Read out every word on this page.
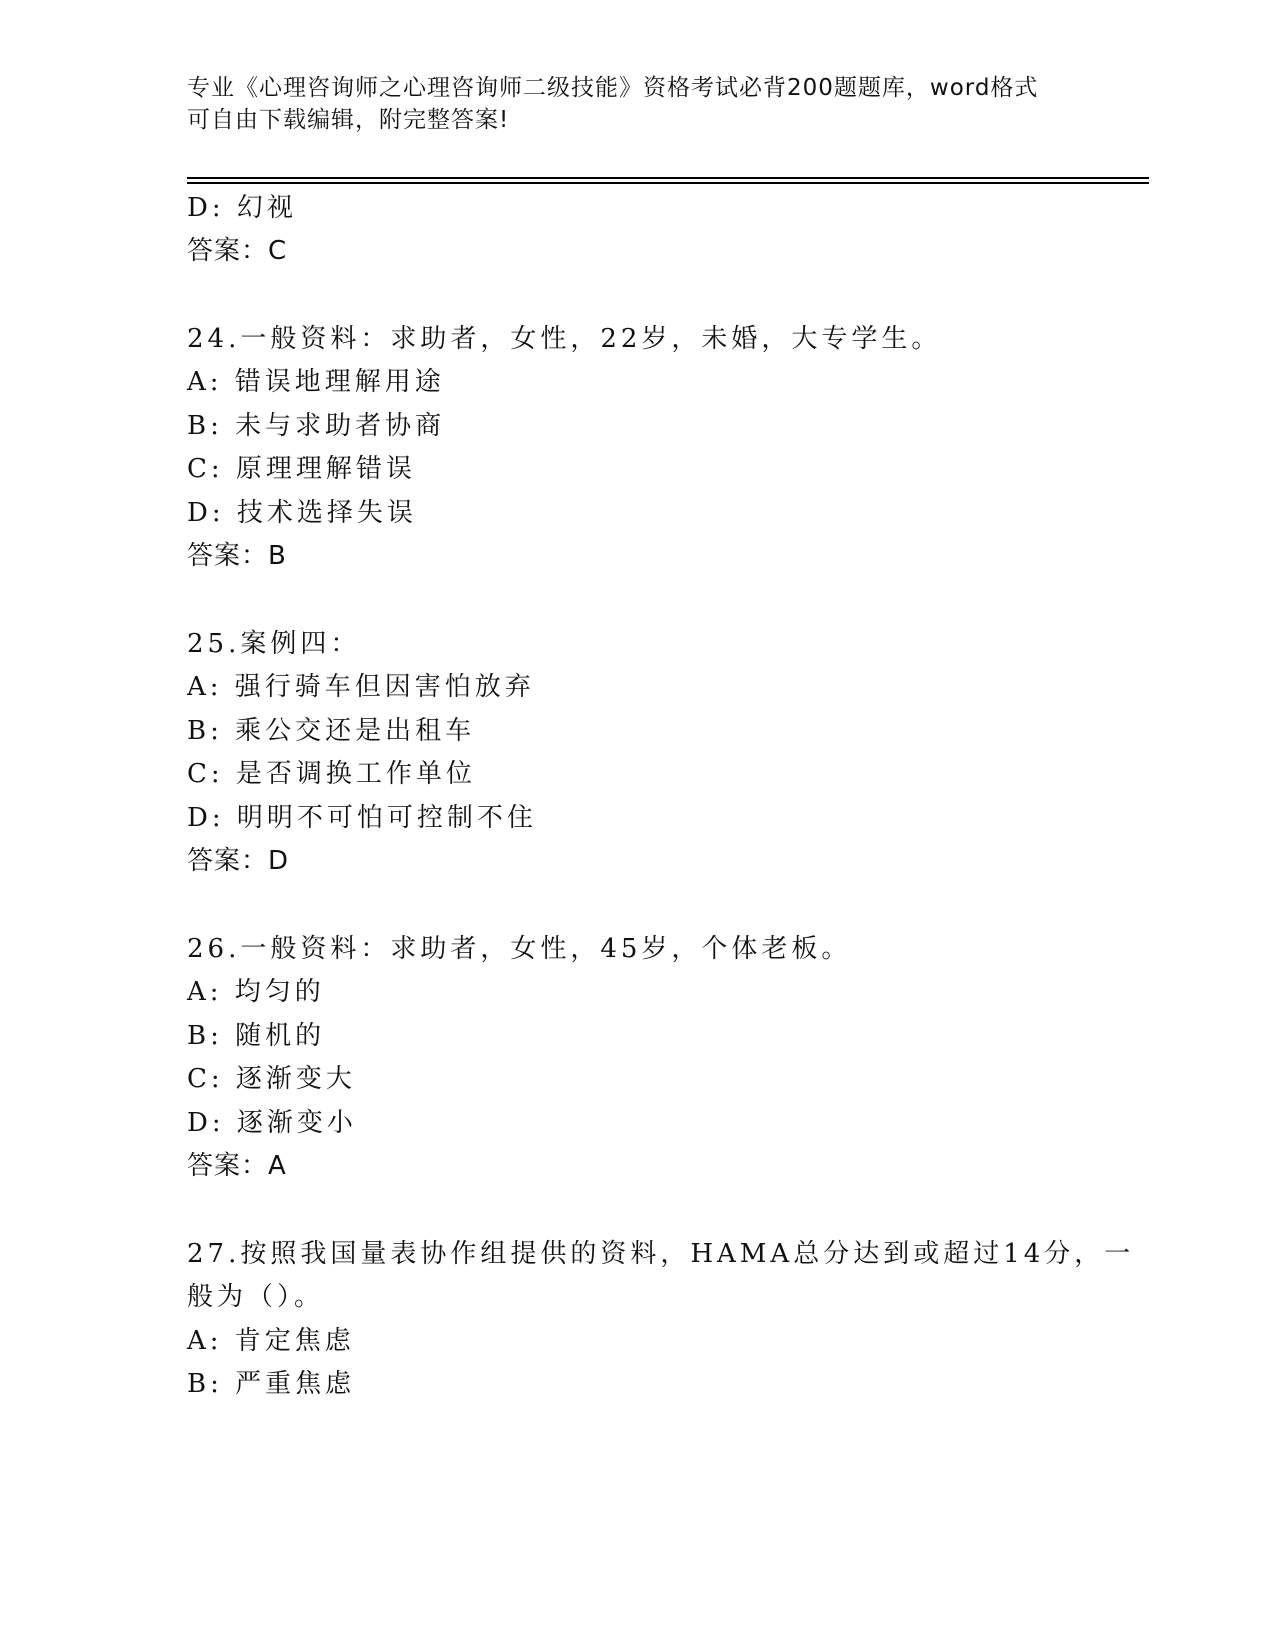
专业《心理咨询师之心理咨询师二级技能》资格考试必背200题题库，word格式
可自由下载编辑，附完整答案!
D: 幻视
答案：C
24.一般资料：求助者，女性，22岁，未婚，大专学生。
A: 错误地理解用途
B: 未与求助者协商
C: 原理理解错误
D: 技术选择失误
答案：B
25.案例四：
A: 强行骑车但因害怕放弃
B: 乘公交还是出租车
C: 是否调换工作单位
D: 明明不可怕可控制不住
答案：D
26.一般资料：求助者，女性，45岁，个体老板。
A: 均匀的
B: 随机的
C: 逐渐变大
D: 逐渐变小
答案：A
27.按照我国量表协作组提供的资料，HAMA总分达到或超过14分，一
般为（）。
A: 肯定焦虑
B: 严重焦虑
